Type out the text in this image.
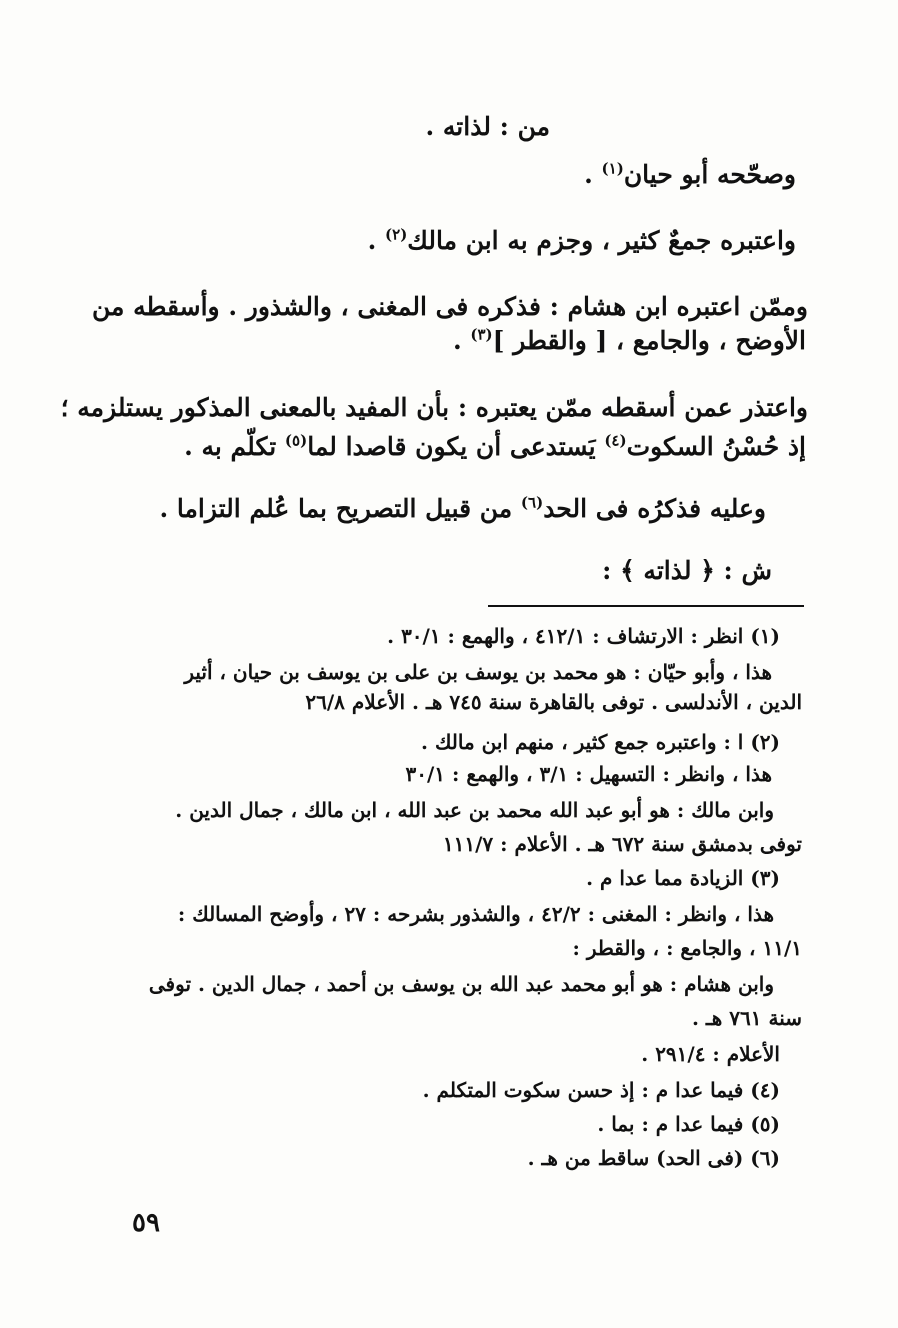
من : لذاته .
وصحّحه أبو حيان$^{(١)}$ .
واعتبره جمعٌ كثير ، وجزم به ابن مالك$^{(٢)}$ .
وممّن اعتبره ابن هشام : فذكره فى المغنى ، والشذور . وأسقطه من
الأوضح ، والجامع ، [ والقطر ]$^{(٣)}$ .
واعتذر عمن أسقطه ممّن يعتبره : بأن المفيد بالمعنى المذكور يستلزمه ؛
إذ حُسْنُ السكوت$^{(٤)}$ يَستدعى أن يكون قاصدا لما$^{(٥)}$ تكلّم به .
وعليه فذكرُه فى الحد$^{(٦)}$ من قبيل التصريح بما عُلم التزاما .
ش : ﴿ لذاته ﴾ :
(١) انظر : الارتشاف : ٤١٢/١ ، والهمع : ٣٠/١ .
هذا ، وأبو حيّان : هو محمد بن يوسف بن على بن يوسف بن حيان ، أثير
الدين ، الأندلسى . توفى بالقاهرة سنة ٧٤٥ هـ . الأعلام ٢٦/٨
(٢) ا : واعتبره جمع كثير ، منهم ابن مالك .
هذا ، وانظر : التسهيل : ٣/١ ، والهمع : ٣٠/١
وابن مالك : هو أبو عبد الله محمد بن عبد الله ، ابن مالك ، جمال الدين .
توفى بدمشق سنة ٦٧٢ هـ . الأعلام : ١١١/٧
(٣) الزيادة مما عدا م .
هذا ، وانظر : المغنى : ٤٢/٢ ، والشذور بشرحه : ٢٧ ، وأوضح المسالك :
١١/١ ، والجامع : ، والقطر :
وابن هشام : هو أبو محمد عبد الله بن يوسف بن أحمد ، جمال الدين . توفى
سنة ٧٦١ هـ .
الأعلام : ٢٩١/٤ .
(٤) فيما عدا م : إذ حسن سكوت المتكلم .
(٥) فيما عدا م : بما .
(٦) (فى الحد) ساقط من هـ .
٥٩
